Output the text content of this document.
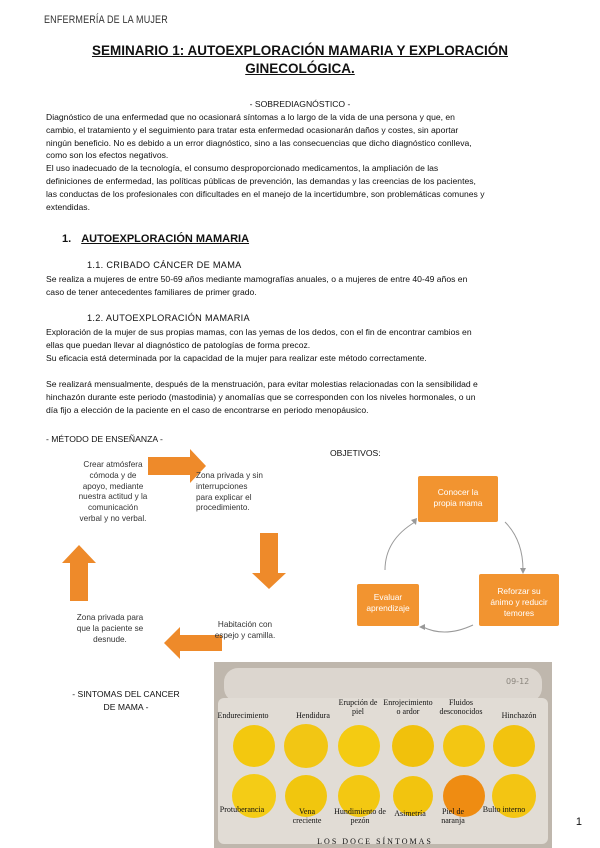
ENFERMERÍA DE LA MUJER
SEMINARIO 1: AUTOEXPLORACIÓN MAMARIA Y EXPLORACIÓN
GINECOLÓGICA.
- SOBREDIAGNÓSTICO -
Diagnóstico de una enfermedad que no ocasionará síntomas a lo largo de la vida de una persona y que, en
cambio, el tratamiento y el seguimiento para tratar esta enfermedad ocasionarán daños y costes, sin aportar
ningún beneficio. No es debido a un error diagnóstico, sino a las consecuencias que dicho diagnóstico conlleva,
como son los efectos negativos.
El uso inadecuado de la tecnología, el consumo desproporcionado medicamentos, la ampliación de las
definiciones de enfermedad, las políticas públicas de prevención, las demandas y las creencias de los pacientes,
las conductas de los profesionales con dificultades en el manejo de la incertidumbre, son problemáticas comunes y
extendidas.
1. AUTOEXPLORACIÓN MAMARIA
1.1. CRIBADO CÁNCER DE MAMA
Se realiza a mujeres de entre 50-69 años mediante mamografías anuales, o a mujeres de entre 40-49 años en
caso de tener antecedentes familiares de primer grado.
1.2. AUTOEXPLORACIÓN MAMARIA
Exploración de la mujer de sus propias mamas, con las yemas de los dedos, con el fin de encontrar cambios en
ellas que puedan llevar al diagnóstico de patologías de forma precoz.
Su eficacia está determinada por la capacidad de la mujer para realizar este método correctamente.
Se realizará mensualmente, después de la menstruación, para evitar molestias relacionadas con la sensibilidad e
hinchazón durante este periodo (mastodinia) y anomalías que se corresponden con los niveles hormonales, o un
día fijo a elección de la paciente en el caso de encontrarse en periodo menopáusico.
- MÉTODO DE ENSEÑANZA -
Crear atmósfera
cómoda y de
apoyo, mediante
nuestra actitud y la
comunicación
verbal y no verbal.
Zona privada y sin
interrupciones
para explicar el
procedimiento.
Habitación con
espejo y camilla.
Zona privada para
que la paciente se
desnude.
OBJETIVOS:
Conocer la
propia mama
Reforzar su
ánimo y reducir
temores
Evaluar
aprendizaje
- SINTOMAS DEL CANCER
DE MAMA -
09-12
Endurecimiento	Hendidura
Erupción de piel
Enrojecimiento o ardor
Fluidos desconocidos	Hinchazón
Protuberancia	Vena creciente
Hundimiento de pezón
Asimetría	Piel de naranja
Bulto interno
LOS DOCE SÍNTOMAS
1
